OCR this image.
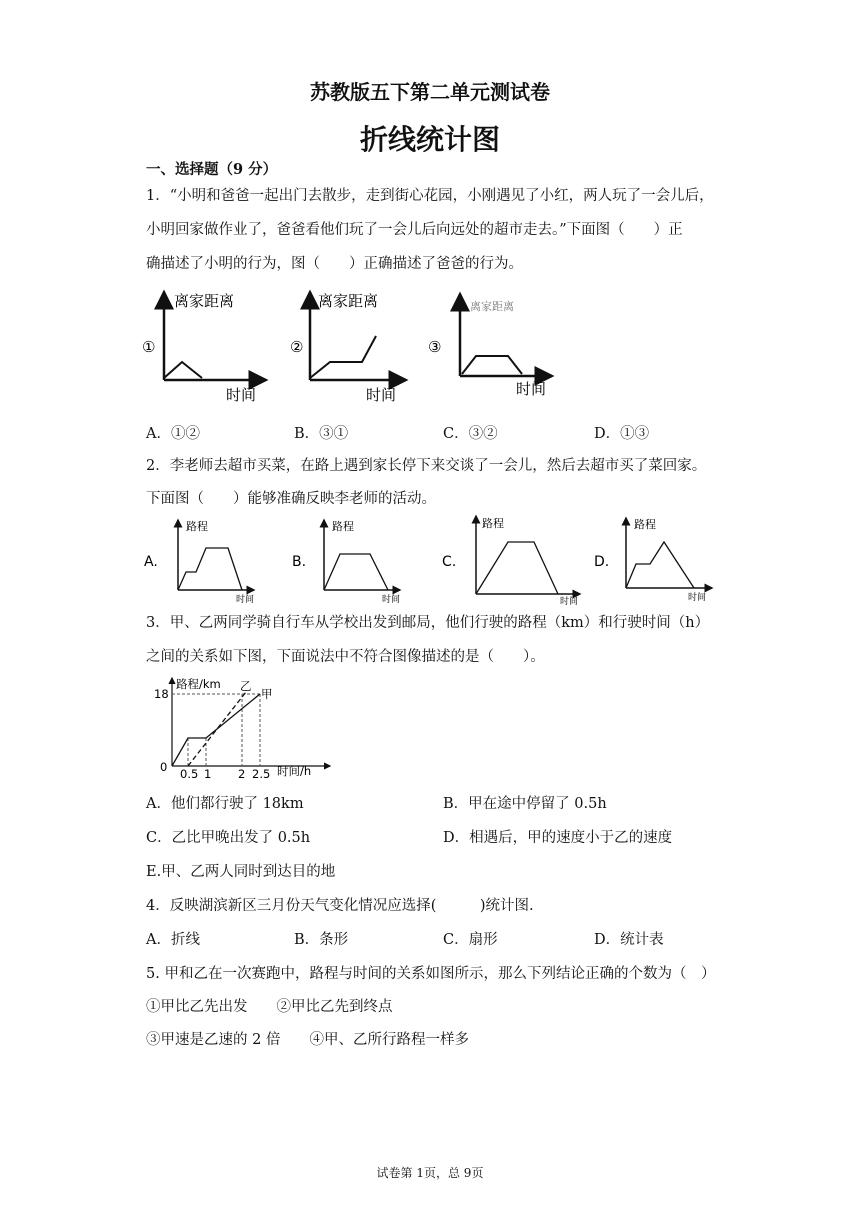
苏教版五下第二单元测试卷
折线统计图
一、选择题（9 分）
1．“小明和爸爸一起出门去散步，走到街心花园，小刚遇见了小红，两人玩了一会儿后，
小明回家做作业了，爸爸看他们玩了一会儿后向远处的超市走去。”下面图（　　）正
确描述了小明的行为，图（　　）正确描述了爸爸的行为。
①
离家距离
时间
②
离家距离
时间
③
离家距离
时间
A．①②	B．③①	C．③②	D．①③
2．李老师去超市买菜，在路上遇到家长停下来交谈了一会儿，然后去超市买了菜回家。
下面图（　　）能够准确反映李老师的活动。
A.
路程
时间
B.
路程
时间
C.
路程
时间
D.
路程
时间
3．甲、乙两同学骑自行车从学校出发到邮局，他们行驶的路程（km）和行驶时间（h）
之间的关系如下图，下面说法中不符合图像描述的是（　　）。
路程/km
时间/h
18
0
乙
甲
0.5 1 2 2.5
A．他们都行驶了 18km	B．甲在途中停留了 0.5h
C．乙比甲晚出发了 0.5h	D．相遇后，甲的速度小于乙的速度
E.甲、乙两人同时到达目的地
4．反映湖滨新区三月份天气变化情况应选择(　　　)统计图.
A．折线	B．条形	C．扇形	D．统计表
5. 甲和乙在一次赛跑中，路程与时间的关系如图所示，那么下列结论正确的个数为（　）
①甲比乙先出发　　②甲比乙先到终点
③甲速是乙速的 2 倍　　④甲、乙所行路程一样多
试卷第 1页，总 9页
